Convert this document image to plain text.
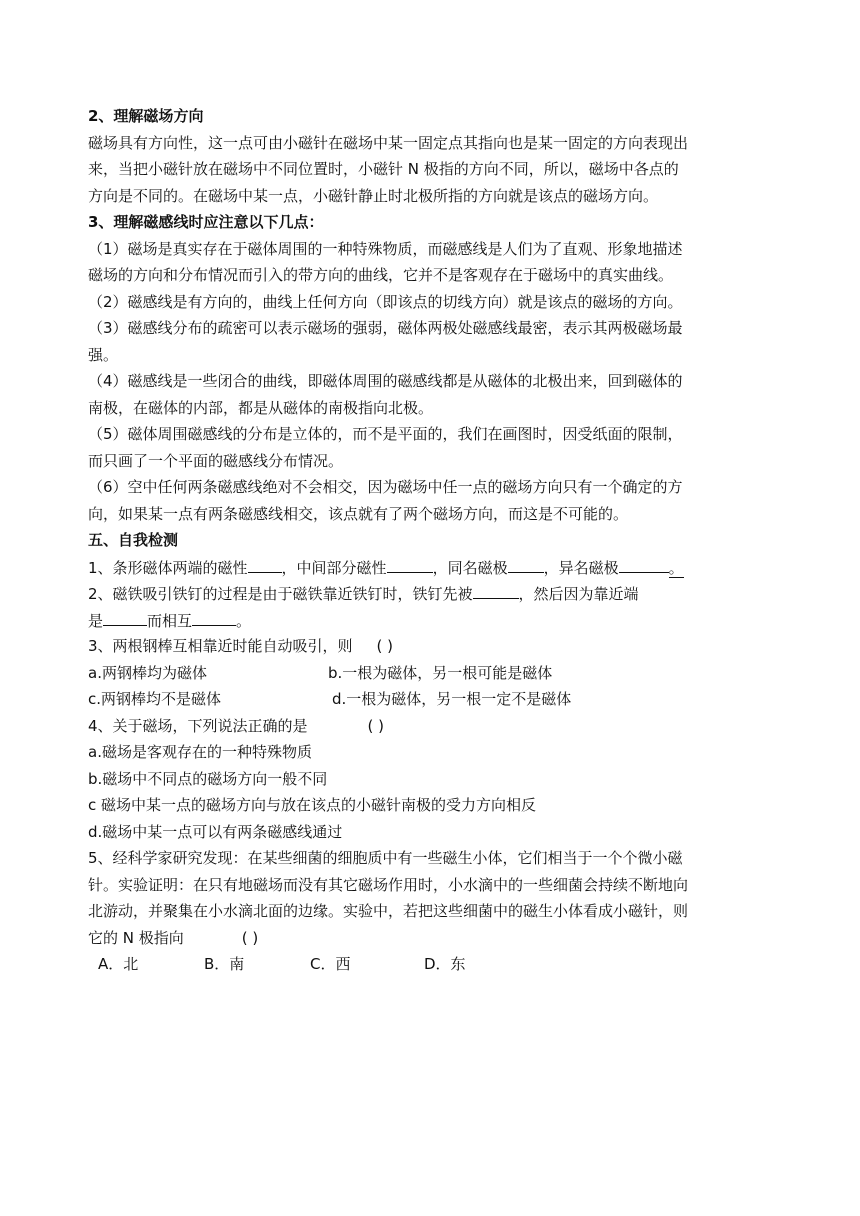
2、理解磁场方向
磁场具有方向性，这一点可由小磁针在磁场中某一固定点其指向也是某一固定的方向表现出
来，当把小磁针放在磁场中不同位置时，小磁针 N 极指的方向不同，所以，磁场中各点的
方向是不同的。在磁场中某一点，小磁针静止时北极所指的方向就是该点的磁场方向。
3、理解磁感线时应注意以下几点：
（1）磁场是真实存在于磁体周围的一种特殊物质，而磁感线是人们为了直观、形象地描述
磁场的方向和分布情况而引入的带方向的曲线，它并不是客观存在于磁场中的真实曲线。
（2）磁感线是有方向的，曲线上任何方向（即该点的切线方向）就是该点的磁场的方向。
（3）磁感线分布的疏密可以表示磁场的强弱，磁体两极处磁感线最密，表示其两极磁场最
强。
（4）磁感线是一些闭合的曲线，即磁体周围的磁感线都是从磁体的北极出来，回到磁体的
南极，在磁体的内部，都是从磁体的南极指向北极。
（5）磁体周围磁感线的分布是立体的，而不是平面的，我们在画图时，因受纸面的限制，
而只画了一个平面的磁感线分布情况。
（6）空中任何两条磁感线绝对不会相交，因为磁场中任一点的磁场方向只有一个确定的方
向，如果某一点有两条磁感线相交，该点就有了两个磁场方向，而这是不可能的。
五、自我检测
1、条形磁体两端的磁性 ，中间部分磁性	，同名磁极 ，异名磁极	。
2、磁铁吸引铁钉的过程是由于磁铁靠近铁钉时，铁钉先被	，然后因为靠近端
是	而相互	。
3、两根钢棒互相靠近时能自动吸引，则 ( )
a.两钢棒均为磁体	b.一根为磁体，另一根可能是磁体
c.两钢棒均不是磁体	d.一根为磁体，另一根一定不是磁体
4、关于磁场，下列说法正确的是	( )
a.磁场是客观存在的一种特殊物质
b.磁场中不同点的磁场方向一般不同
c 磁场中某一点的磁场方向与放在该点的小磁针南极的受力方向相反
d.磁场中某一点可以有两条磁感线通过
5、经科学家研究发现：在某些细菌的细胞质中有一些磁生小体，它们相当于一个个微小磁
针。实验证明：在只有地磁场而没有其它磁场作用时，小水滴中的一些细菌会持续不断地向
北游动，并聚集在小水滴北面的边缘。实验中，若把这些细菌中的磁生小体看成小磁针，则
它的 N 极指向	( )
A．北	B．南	C．西	D．东
